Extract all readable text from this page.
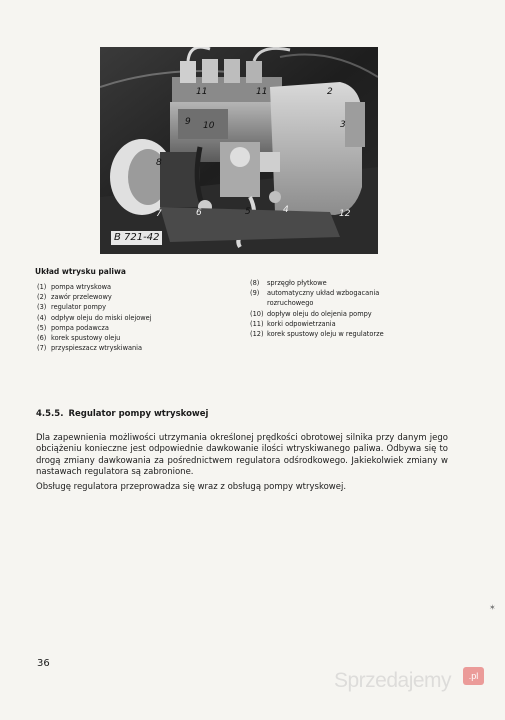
11	11	2
9 10	3
8
7	6	5	4	12
B 721-42
Układ wtrysku paliwa
(1) pompa wtryskowa
(2) zawór przelewowy
(3) regulator pompy
(4) odpływ oleju do miski olejowej
(5) pompa podawcza
(6) korek spustowy oleju
(7) przyspieszacz wtryskiwania
(8) sprzęgło płytkowe
(9) automatyczny układ wzbogacania
rozruchowego
(10) dopływ oleju do olejenia pompy
(11) korki odpowietrzania
(12) korek spustowy oleju w regulatorze
4.5.5. Regulator pompy wtryskowej
Dla zapewnienia możliwości utrzymania określonej prędkości obrotowej silnika przy danym jego obciążeniu konieczne jest odpowiednie dawkowanie ilości wtryskiwanego paliwa. Odbywa się to drogą zmiany dawkowania za pośrednictwem regulatora odśrodkowego. Jakiekolwiek zmiany w nastawach regulatora są zabronione.
Obsługę regulatora przeprowadza się wraz z obsługą pompy wtryskowej.
36
✶
Sprzedajemy	.pl
